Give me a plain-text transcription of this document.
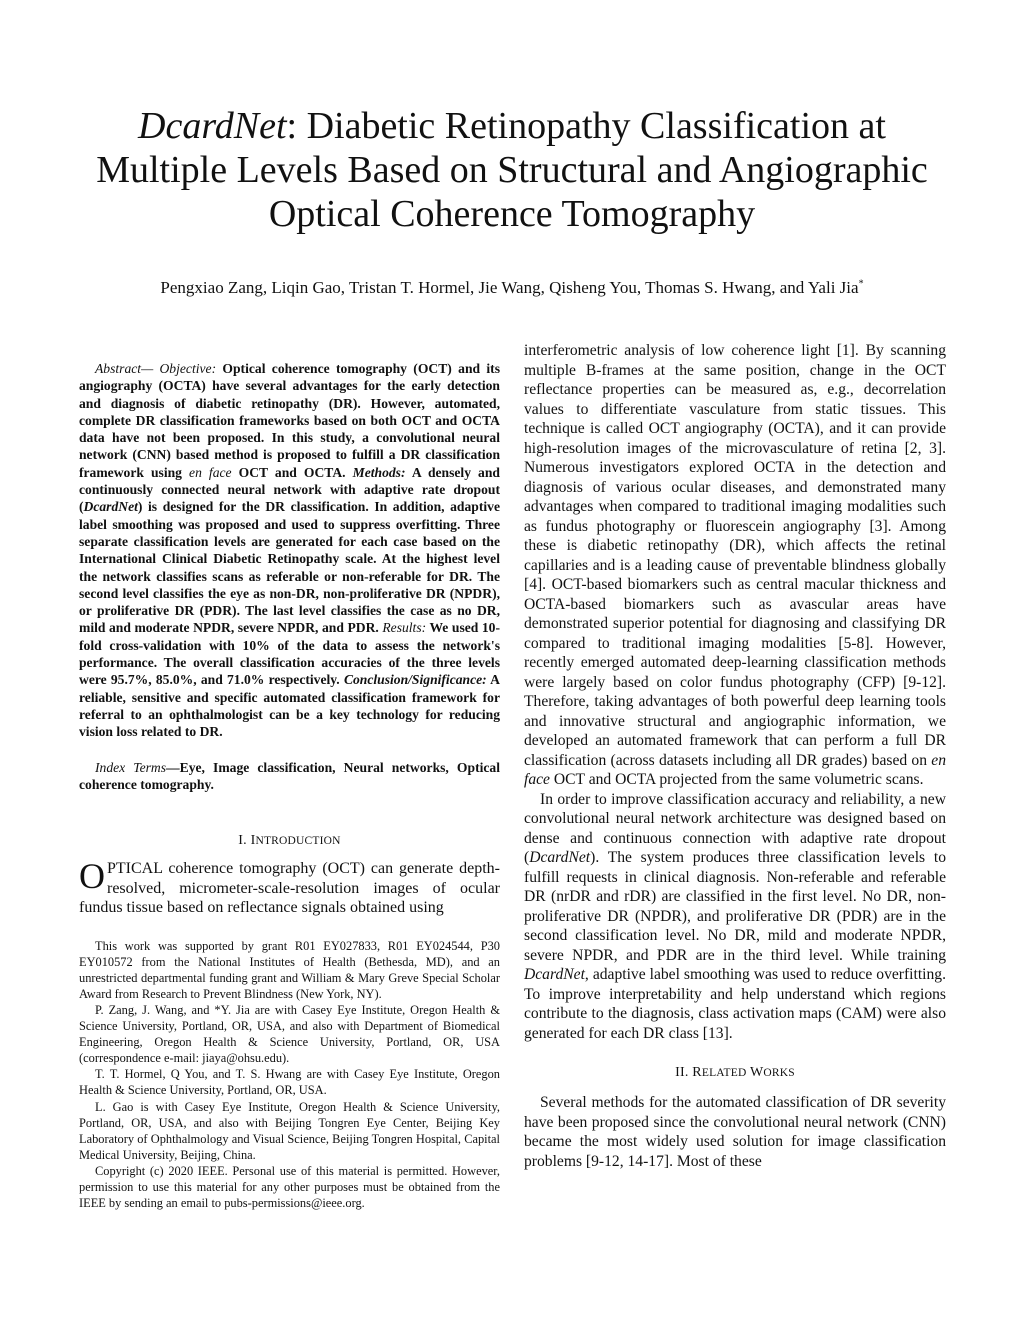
DcardNet: Diabetic Retinopathy Classification at Multiple Levels Based on Structural and Angiographic Optical Coherence Tomography

Pengxiao Zang, Liqin Gao, Tristan T. Hormel, Jie Wang, Qisheng You, Thomas S. Hwang, and Yali Jia*

Abstract— Objective: Optical coherence tomography (OCT) and its angiography (OCTA) have several advantages for the early detection and diagnosis of diabetic retinopathy (DR). However, automated, complete DR classification frameworks based on both OCT and OCTA data have not been proposed. In this study, a convolutional neural network (CNN) based method is proposed to fulfill a DR classification framework using en face OCT and OCTA. Methods: A densely and continuously connected neural network with adaptive rate dropout (DcardNet) is designed for the DR classification. In addition, adaptive label smoothing was proposed and used to suppress overfitting. Three separate classification levels are generated for each case based on the International Clinical Diabetic Retinopathy scale. At the highest level the network classifies scans as referable or non-referable for DR. The second level classifies the eye as non-DR, non-proliferative DR (NPDR), or proliferative DR (PDR). The last level classifies the case as no DR, mild and moderate NPDR, severe NPDR, and PDR. Results: We used 10-fold cross-validation with 10% of the data to assess the network's performance. The overall classification accuracies of the three levels were 95.7%, 85.0%, and 71.0% respectively. Conclusion/Significance: A reliable, sensitive and specific automated classification framework for referral to an ophthalmologist can be a key technology for reducing vision loss related to DR.

Index Terms—Eye, Image classification, Neural networks, Optical coherence tomography.

I. INTRODUCTION

OPTICAL coherence tomography (OCT) can generate depth-resolved, micrometer-scale-resolution images of ocular fundus tissue based on reflectance signals obtained using

This work was supported by grant R01 EY027833, R01 EY024544, P30 EY010572 from the National Institutes of Health (Bethesda, MD), and an unrestricted departmental funding grant and William & Mary Greve Special Scholar Award from Research to Prevent Blindness (New York, NY).

P. Zang, J. Wang, and *Y. Jia are with Casey Eye Institute, Oregon Health & Science University, Portland, OR, USA, and also with Department of Biomedical Engineering, Oregon Health & Science University, Portland, OR, USA (correspondence e-mail: jiaya@ohsu.edu).

T. T. Hormel, Q You, and T. S. Hwang are with Casey Eye Institute, Oregon Health & Science University, Portland, OR, USA.

L. Gao is with Casey Eye Institute, Oregon Health & Science University, Portland, OR, USA, and also with Beijing Tongren Eye Center, Beijing Key Laboratory of Ophthalmology and Visual Science, Beijing Tongren Hospital, Capital Medical University, Beijing, China.

Copyright (c) 2020 IEEE. Personal use of this material is permitted. However, permission to use this material for any other purposes must be obtained from the IEEE by sending an email to pubs-permissions@ieee.org.

interferometric analysis of low coherence light [1]. By scanning multiple B-frames at the same position, change in the OCT reflectance properties can be measured as, e.g., decorrelation values to differentiate vasculature from static tissues. This technique is called OCT angiography (OCTA), and it can provide high-resolution images of the microvasculature of retina [2, 3]. Numerous investigators explored OCTA in the detection and diagnosis of various ocular diseases, and demonstrated many advantages when compared to traditional imaging modalities such as fundus photography or fluorescein angiography [3]. Among these is diabetic retinopathy (DR), which affects the retinal capillaries and is a leading cause of preventable blindness globally [4]. OCT-based biomarkers such as central macular thickness and OCTA-based biomarkers such as avascular areas have demonstrated superior potential for diagnosing and classifying DR compared to traditional imaging modalities [5-8]. However, recently emerged automated deep-learning classification methods were largely based on color fundus photography (CFP) [9-12]. Therefore, taking advantages of both powerful deep learning tools and innovative structural and angiographic information, we developed an automated framework that can perform a full DR classification (across datasets including all DR grades) based on en face OCT and OCTA projected from the same volumetric scans.

In order to improve classification accuracy and reliability, a new convolutional neural network architecture was designed based on dense and continuous connection with adaptive rate dropout (DcardNet). The system produces three classification levels to fulfill requests in clinical diagnosis. Non-referable and referable DR (nrDR and rDR) are classified in the first level. No DR, non-proliferative DR (NPDR), and proliferative DR (PDR) are in the second classification level. No DR, mild and moderate NPDR, severe NPDR, and PDR are in the third level. While training DcardNet, adaptive label smoothing was used to reduce overfitting. To improve interpretability and help understand which regions contribute to the diagnosis, class activation maps (CAM) were also generated for each DR class [13].

II. RELATED WORKS

Several methods for the automated classification of DR severity have been proposed since the convolutional neural network (CNN) became the most widely used solution for image classification problems [9-12, 14-17]. Most of these
